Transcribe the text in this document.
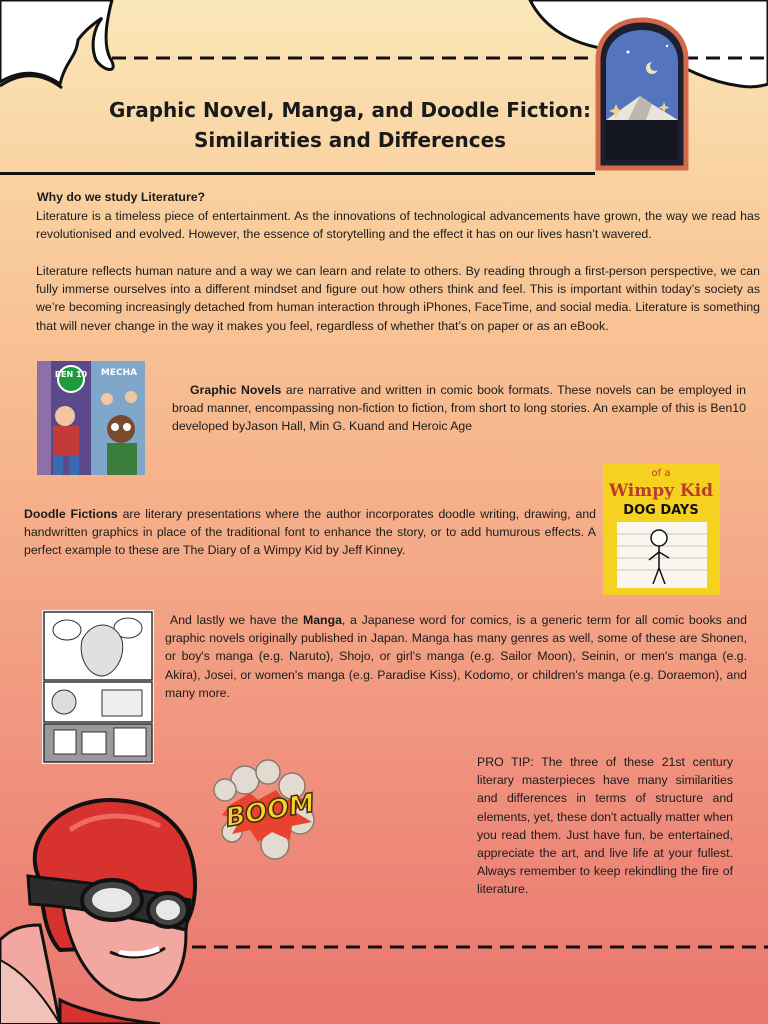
Graphic Novel, Manga, and Doodle Fiction:
Similarities and Differences
Why do we study Literature?
Literature is a timeless piece of entertainment. As the innovations of technological advancements have grown, the way we read has revolutionised and evolved. However, the essence of storytelling and the effect it has on our lives hasn’t wavered.
Literature reflects human nature and a way we can learn and relate to others. By reading through a first-person perspective, we can fully immerse ourselves into a different mindset and figure out how others think and feel. This is important within today’s society as we’re becoming increasingly detached from human interaction through iPhones, FaceTime, and social media. Literature is something that will never change in the way it makes you feel, regardless of whether that’s on paper or as an eBook.
BEN 10 MECHA
Graphic Novels are narrative and written in comic book formats. These novels can be employed in broad manner, encompassing non-fiction to fiction, from short to long stories. An example of this is Ben10 developed byJason Hall, Min G. Kuand and Heroic Age
of a
Wimpy Kid
DOG DAYS
Doodle Fictions are literary presentations where the author incorporates doodle writing, drawing, and handwritten graphics in place of the traditional font to enhance the story, or to add humurous effects. A perfect example to these are The Diary of a Wimpy Kid by Jeff Kinney.
And lastly we have the Manga, a Japanese word for comics, is a generic term for all comic books and graphic novels originally published in Japan. Manga has many genres as well, some of these are Shonen, or boy's manga (e.g. Naruto), Shojo, or girl's manga (e.g. Sailor Moon), Seinin, or men's manga (e.g. Akira), Josei, or women's manga (e.g. Paradise Kiss), Kodomo, or children's manga (e.g. Doraemon), and many more.
BOOM
PRO TIP: The three of these 21st century literary masterpieces have many similarities and differences in terms of structure and elements, yet, these don't actually matter when you read them. Just have fun, be entertained, appreciate the art, and live life at your fullest. Always remember to keep rekindling the fire of literature.
